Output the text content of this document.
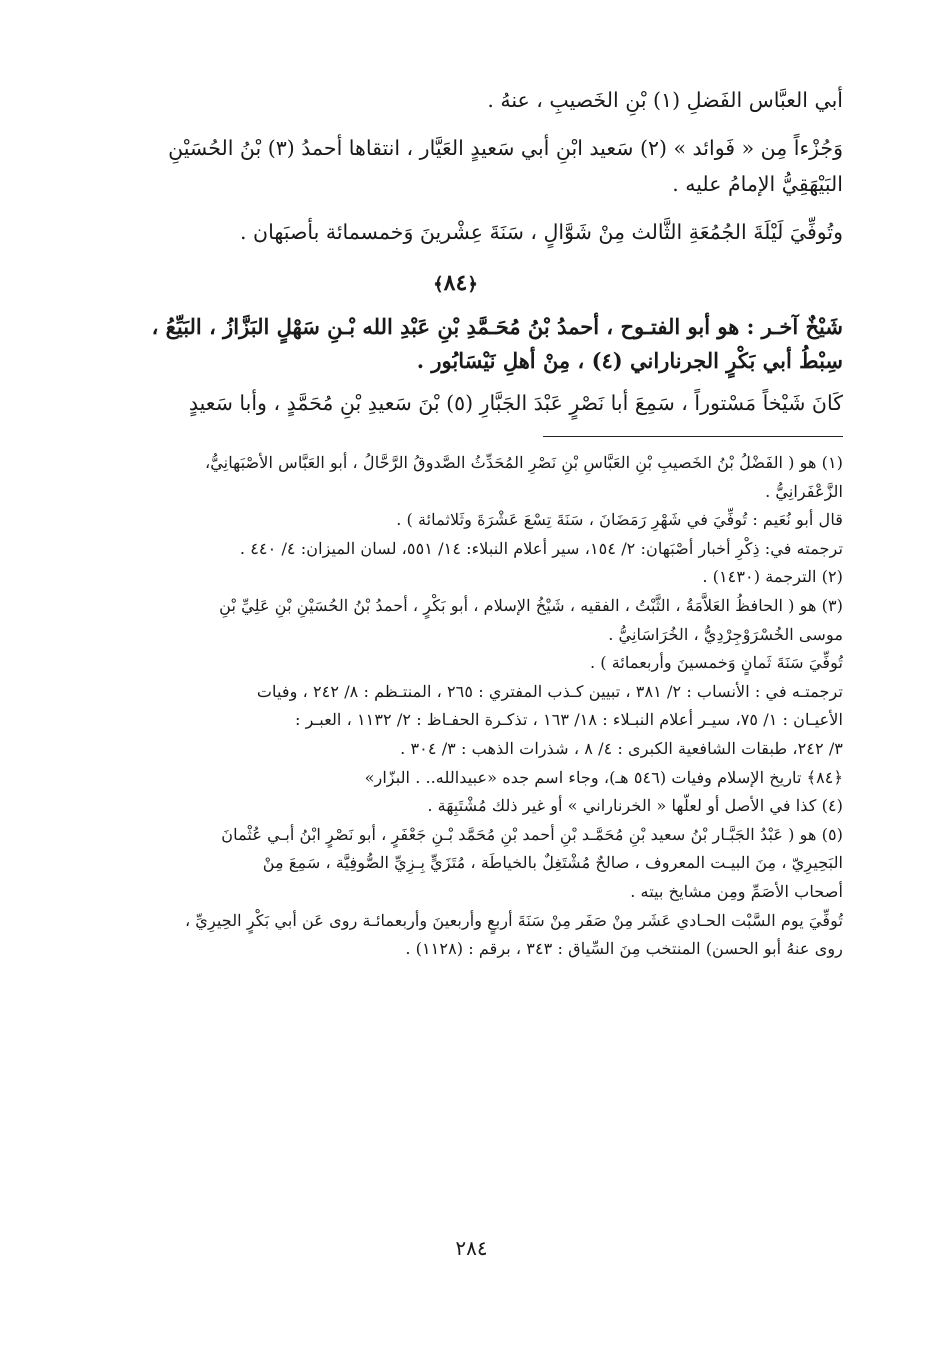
أبي العبَّاس الفَضلِ (١) بْنِ الخَصيبِ ، عنهُ .

وَجُزْءاً مِن « فَوائد » (٢) سَعيد ابْنِ أبي سَعيدٍ العَيَّار ، انتقاها أحمدُ (٣) بْنُ الحُسَيْنِ

البَيْهَقِيُّ الإمامُ عليه .

وتُوفِّيَ لَيْلَةَ الجُمُعَةِ الثَّالث مِنْ شَوَّالٍ ، سَنَةَ عِشْرينَ وَخمسمائة بأصبَهان .

﴿٨٤﴾

شَيْخٌ آخـر : هو أبو الفتـوح ، أحمدُ بْنُ مُحَـمَّدِ بْنِ عَبْدِ الله بْـنِ سَهْلٍ البَزَّازُ ، البَيِّعُ ،

سِبْطُ أبي بَكْرٍ الجرناراني (٤) ، مِنْ أهلِ نَيْسَابُور .

كَانَ شَيْخاً مَسْتوراً ، سَمِعَ أبا نَصْرٍ عَبْدَ الجَبَّارِ (٥) بْنَ سَعيدِ بْنِ مُحَمَّدٍ ، وأبا سَعيدٍ

(١) هو ( الفَضْلُ بْنُ الخَصيبِ بْنِ العَبَّاسِ بْنِ نَصْرِ المُحَدِّثُ الصَّدوقُ الرَّحَّالُ ، أبو العَبَّاس الأصْبَهانِيُّ،

الزَّعْفَرانِيُّ .

قال أبو نُعَيم : تُوفِّيَ في شَهْرِ رَمَضَانَ ، سَنَةَ تِسْعَ عَشْرَةَ وثَلاثمائة ) .

ترجمته في: ذِكْرِ أخبار أصْبَهان: ٢/ ١٥٤، سير أعلام النبلاء: ١٤/ ٥٥١، لسان الميزان: ٤/ ٤٤٠ .

(٢) الترجمة (١٤٣٠) .

(٣) هو ( الحافظُ العَلاَّمَةُ ، الثَّبْتُ ، الفقيه ، شَيْخُ الإسلام ، أبو بَكْرٍ ، أحمدُ بْنُ الحُسَيْنِ بْنِ عَلِيِّ بْنِ

موسى الخُسْرَوْجِرْدِيُّ ، الخُرَاسَانِيُّ .

تُوفِّيَ سَنَةَ ثَمانٍ وَخمسينَ وأربعمائة ) .

ترجمتـه في : الأنساب : ٢/ ٣٨١ ، تبيين كـذب المفتري : ٢٦٥ ، المنتـظم : ٨/ ٢٤٢ ، وفيات

الأعيـان : ١/ ٧٥، سيـر أعلام النبـلاء : ١٨/ ١٦٣ ، تذكـرة الحفـاظ : ٢/ ١١٣٢ ، العبـر :

٣/ ٢٤٢، طبقات الشافعية الكبرى : ٤/ ٨ ، شذرات الذهب : ٣/ ٣٠٤ .

﴿٨٤﴾ تاريخ الإسلام وفيات (٥٤٦ هـ)، وجاء اسم جده «عبيدالله.. . البزّار»

(٤) كذا في الأصل أو لعلّها « الخرناراني » أو غير ذلك مُشْتَبِهَة .

(٥) هو ( عَبْدُ الجَبَّـار بْنُ سعيد بْنِ مُحَمَّـد بْنِ أحمد بْنِ مُحَمَّد بْـنِ جَعْفَرٍ ، أبو نَصْرٍ ابْنُ أبـي عُثْمانَ

البَحِيرِيّ ، مِنَ البيـت المعروف ، صالحٌ مُشْتَغِلٌ بالخياطَة ، مُتَزَيٍّ بِـزِيِّ الصُّوفِيَّة ، سَمِعَ مِنْ

أصحاب الأصَمِّ ومِن مشايخ بيته .

تُوفِّيَ يوم السَّبْت الحـادي عَشَر مِنْ صَفَر مِنْ سَنَةَ أربعٍ وأربعينَ وأربعمائـة روى عَن أبي بَكْرٍ الحِيرِيِّ ،

روى عنهُ أبو الحسن) المنتخب مِنَ السِّياق : ٣٤٣ ، برقم : (١١٢٨) .

٢٨٤
